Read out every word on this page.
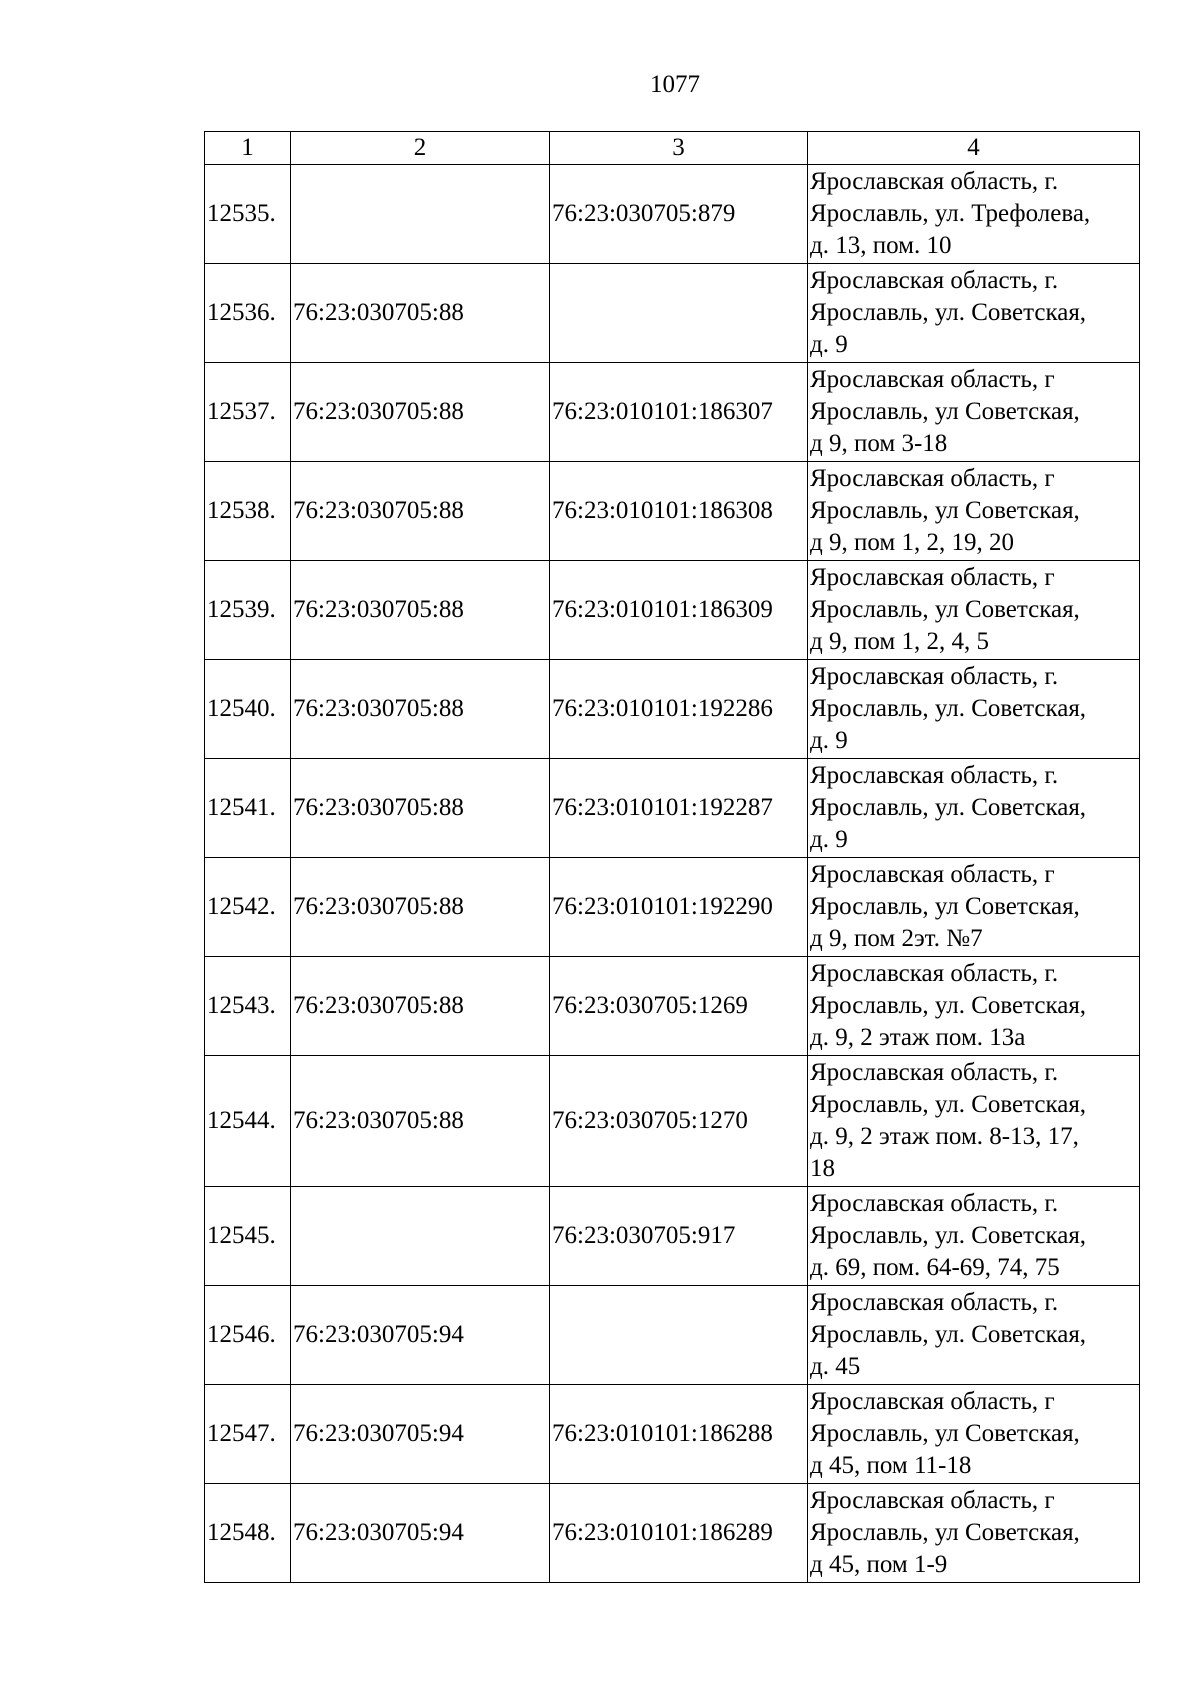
1077
1	2	3	4
12535.		76:23:030705:879	Ярославская область, г.
Ярославль, ул. Трефолева,
д. 13, пом. 10

12536.	76:23:030705:88		Ярославская область, г.
Ярославль, ул. Советская,
д. 9

12537.	76:23:030705:88	76:23:010101:186307	Ярославская область, г
Ярославль, ул Советская,
д 9, пом 3-18

12538.	76:23:030705:88	76:23:010101:186308	Ярославская область, г
Ярославль, ул Советская,
д 9, пом 1, 2, 19, 20

12539.	76:23:030705:88	76:23:010101:186309	Ярославская область, г
Ярославль, ул Советская,
д 9, пом 1, 2, 4, 5

12540.	76:23:030705:88	76:23:010101:192286	Ярославская область, г.
Ярославль, ул. Советская,
д. 9

12541.	76:23:030705:88	76:23:010101:192287	Ярославская область, г.
Ярославль, ул. Советская,
д. 9

12542.	76:23:030705:88	76:23:010101:192290	Ярославская область, г
Ярославль, ул Советская,
д 9, пом 2эт. №7

12543.	76:23:030705:88	76:23:030705:1269	Ярославская область, г.
Ярославль, ул. Советская,
д. 9, 2 этаж пом. 13а

12544.	76:23:030705:88	76:23:030705:1270	Ярославская область, г.
Ярославль, ул. Советская,
д. 9, 2 этаж пом. 8-13, 17,
18

12545.		76:23:030705:917	Ярославская область, г.
Ярославль, ул. Советская,
д. 69, пом. 64-69, 74, 75

12546.	76:23:030705:94		Ярославская область, г.
Ярославль, ул. Советская,
д. 45

12547.	76:23:030705:94	76:23:010101:186288	Ярославская область, г
Ярославль, ул Советская,
д 45, пом 11-18

12548.	76:23:030705:94	76:23:010101:186289	Ярославская область, г
Ярославль, ул Советская,
д 45, пом 1-9
